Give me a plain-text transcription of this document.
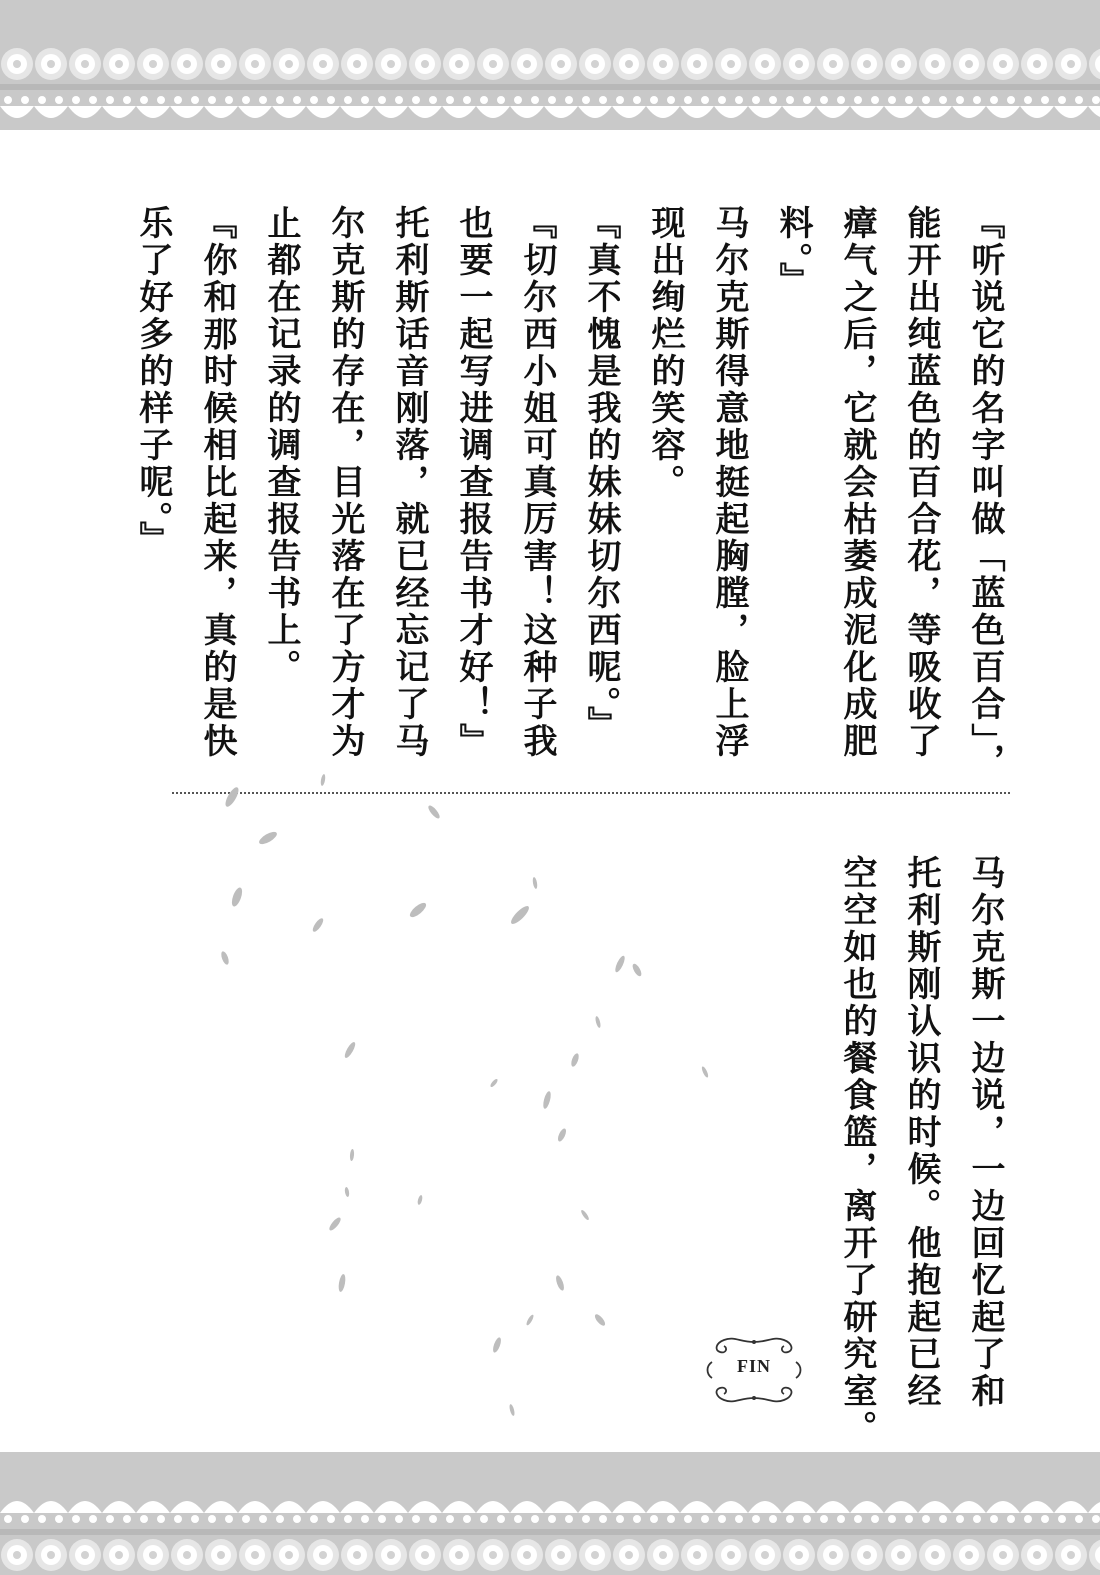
『听说它的名字叫做「蓝色百合」，
能开出纯蓝色的百合花，等吸收了
瘴气之后，它就会枯萎成泥化成肥
料。』
马尔克斯得意地挺起胸膛，脸上浮
现出绚烂的笑容。
『真不愧是我的妹妹切尔西呢。』
『切尔西小姐可真厉害！这种子我
也要一起写进调查报告书才好！』
托利斯话音刚落，就已经忘记了马
尔克斯的存在，目光落在了方才为
止都在记录的调查报告书上。
『你和那时候相比起来，真的是快
乐了好多的样子呢。』
马尔克斯一边说，一边回忆起了和
托利斯刚认识的时候。他抱起已经
空空如也的餐食篮，离开了研究室。
FIN
